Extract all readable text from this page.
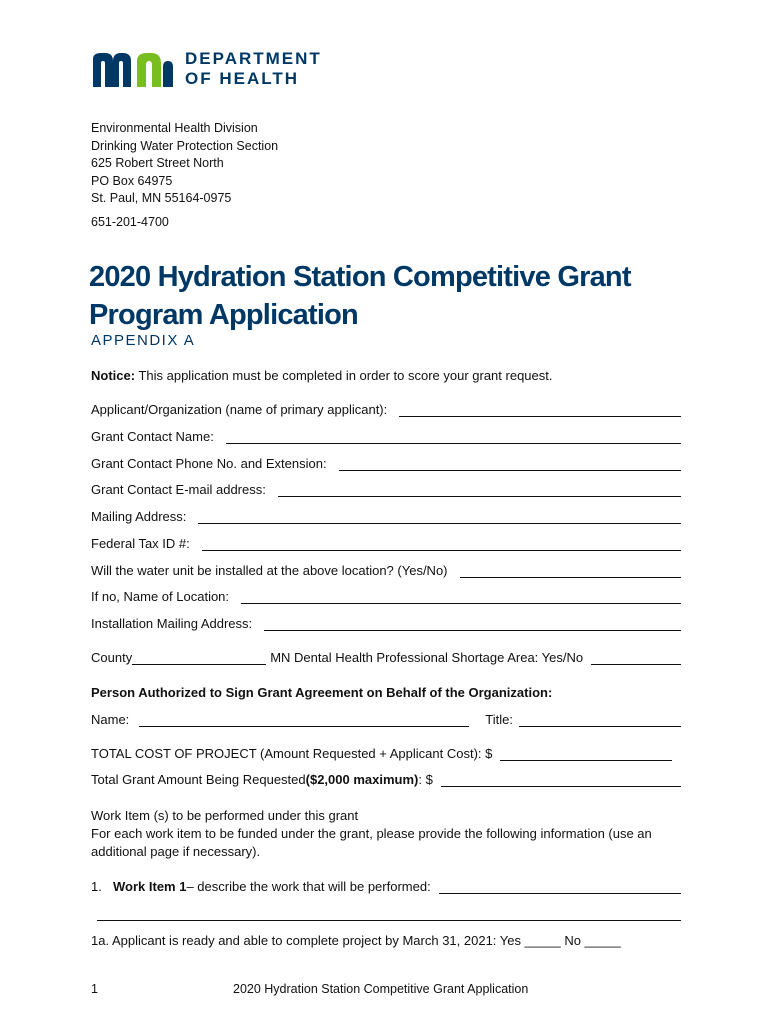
DEPARTMENT
OF HEALTH
Environmental Health Division
Drinking Water Protection Section
625 Robert Street North
PO Box 64975
St. Paul, MN 55164-0975
651-201-4700
2020 Hydration Station Competitive Grant
Program Application
APPENDIX A
Notice: This application must be completed in order to score your grant request.
Applicant/Organization (name of primary applicant):
Grant Contact Name:
Grant Contact Phone No. and Extension:
Grant Contact E-mail address:
Mailing Address:
Federal Tax ID #:
Will the water unit be installed at the above location? (Yes/No)
If no, Name of Location:
Installation Mailing Address:
County	MN Dental Health Professional Shortage Area: Yes/No
Person Authorized to Sign Grant Agreement on Behalf of the Organization:
Name:	Title:
TOTAL COST OF PROJECT (Amount Requested + Applicant Cost): $
Total Grant Amount Being Requested ($2,000 maximum) : $
Work Item (s) to be performed under this grant
For each work item to be funded under the grant, please provide the following information (use an additional page if necessary).
1. Work Item 1 – describe the work that will be performed:
1a. Applicant is ready and able to complete project by March 31, 2021: Yes _____ No _____
1	2020 Hydration Station Competitive Grant Application
